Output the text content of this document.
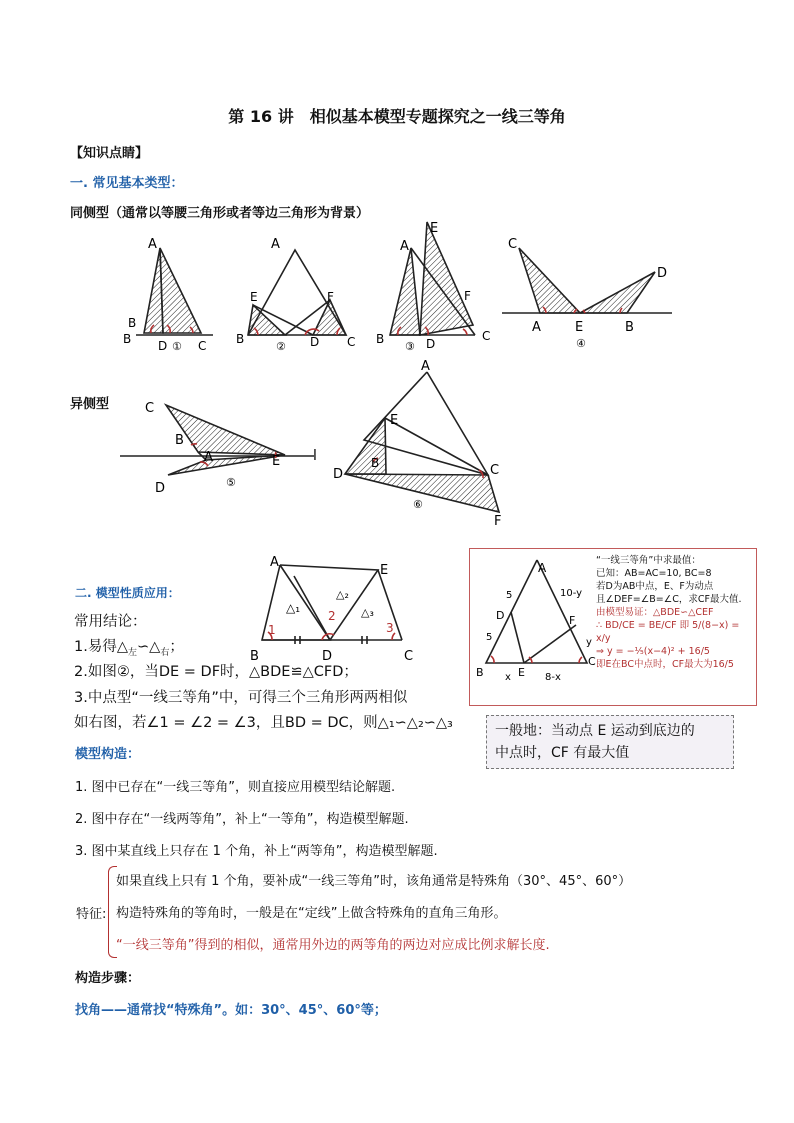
第 16 讲　相似基本模型专题探究之一线三等角
【知识点睛】
一. 常见基本类型：
同侧型（通常以等腰三角形或者等边三角形为背景）
A
B
B D ① C
A
E	F
B
② D C
A
E
F
B
③ D
C
C
D
A	E	B
④
C
B
A	E l
D	⑤
A
E
B
D	C
F
⑥
异侧型
二. 模型性质应用：
常用结论：
1.易得$\triangle_左∽\triangle_右$；
2.如图②，当DE = DF时，△BDE≌△CFD；
3.中点型“一线三等角”中，可得三个三角形两两相似
如右图，若∠1 = ∠2 = ∠3，且BD = DC，则△₁∽△₂∽△₃
A
E
B	D	C
△₁
△₂
△₃
1
2
3
A
D	F
B	E
C
5
5
10-y
x	8-x
y
“一线三等角”中求最值：
已知：AB=AC=10, BC=8
若D为AB中点，E、F为动点
且∠DEF=∠B=∠C，求CF最大值.
由模型易证：△BDE∽△CEF
∴ BD/CE = BE/CF 即 5/(8−x) = x/y
⇒ y = −⅕(x−4)² + 16/5
即E在BC中点时，CF最大为16/5
一般地：当动点 E 运动到底边的
中点时，CF 有最大值
模型构造：
1. 图中已存在“一线三等角”，则直接应用模型结论解题.
2. 图中存在“一线两等角”，补上“一等角”，构造模型解题.
3. 图中某直线上只存在 1 个角，补上“两等角”，构造模型解题.
特征:
如果直线上只有 1 个角，要补成“一线三等角”时，该角通常是特殊角（30°、45°、60°）
构造特殊角的等角时，一般是在“定线”上做含特殊角的直角三角形。
“一线三等角”得到的相似，通常用外边的两等角的两边对应成比例求解长度.
构造步骤：
找角——通常找“特殊角”。如：30°、45°、60°等；
